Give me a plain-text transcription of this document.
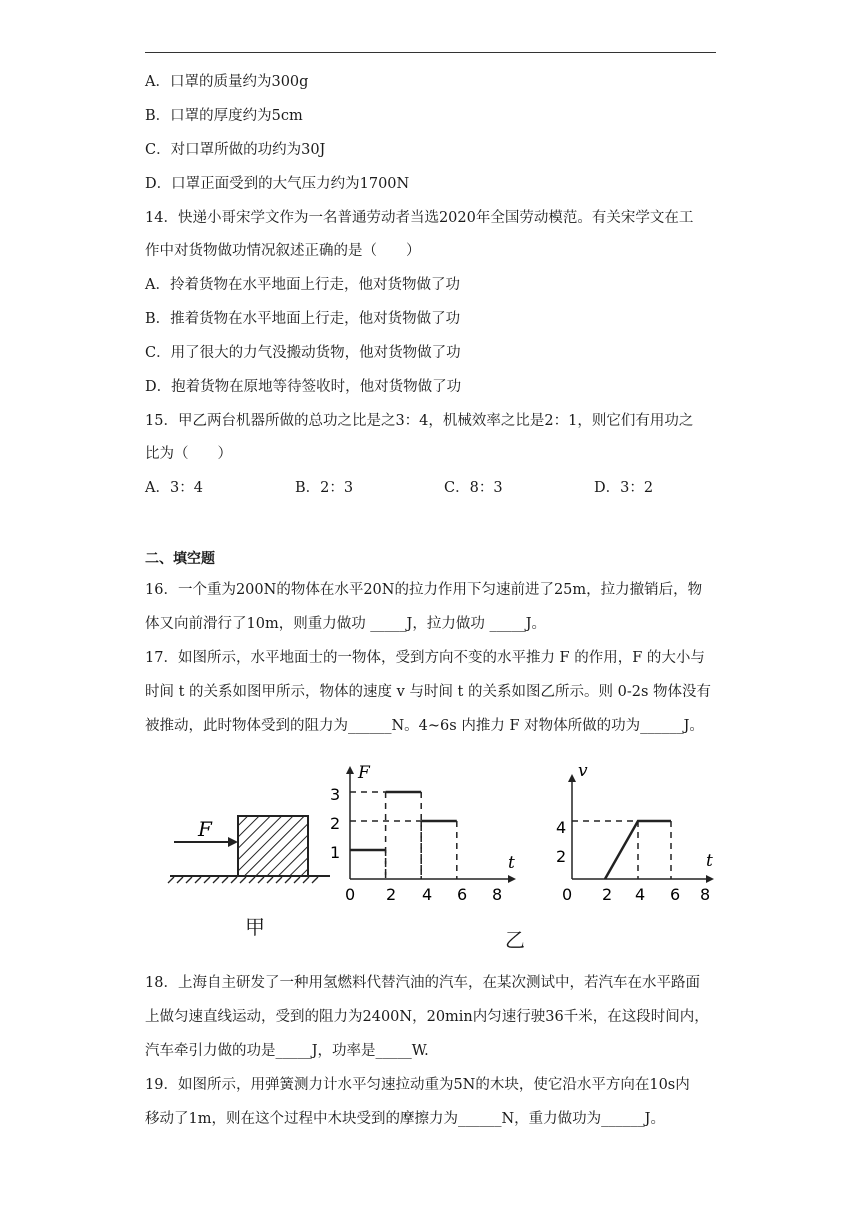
A．口罩的质量约为300g
B．口罩的厚度约为5cm
C．对口罩所做的功约为30J
D．口罩正面受到的大气压力约为1700N
14．快递小哥宋学文作为一名普通劳动者当选2020年全国劳动模范。有关宋学文在工
作中对货物做功情况叙述正确的是（　　）
A．拎着货物在水平地面上行走，他对货物做了功
B．推着货物在水平地面上行走，他对货物做了功
C．用了很大的力气没搬动货物，他对货物做了功
D．抱着货物在原地等待签收时，他对货物做了功
15．甲乙两台机器所做的总功之比是之3：4，机械效率之比是2：1，则它们有用功之
比为（　　）
A．3：4	B．2：3	C．8：3	D．3：2
二、填空题
16．一个重为200N的物体在水平20N的拉力作用下匀速前进了25m，拉力撤销后，物
体又向前滑行了10m，则重力做功 _____J，拉力做功 _____J。
17．如图所示，水平地面士的一物体，受到方向不变的水平推力 F 的作用，F 的大小与
时间 t 的关系如图甲所示，物体的速度 v 与时间 t 的关系如图乙所示。则 0-2s 物体没有
被推动，此时物体受到的阻力为______N。4~6s 内推力 F 对物体所做的功为______J。
F
F
t
1
2
3
0 2 4 6 8
v
t
2
4
0 2 4 6 8
甲
乙
18．上海自主研发了一种用氢燃料代替汽油的汽车，在某次测试中，若汽车在水平路面
上做匀速直线运动，受到的阻力为2400N，20min内匀速行驶36千米，在这段时间内，
汽车牵引力做的功是_____J，功率是_____W.
19．如图所示，用弹簧测力计水平匀速拉动重为5N的木块，使它沿水平方向在10s内
移动了1m，则在这个过程中木块受到的摩擦力为______N，重力做功为______J。
